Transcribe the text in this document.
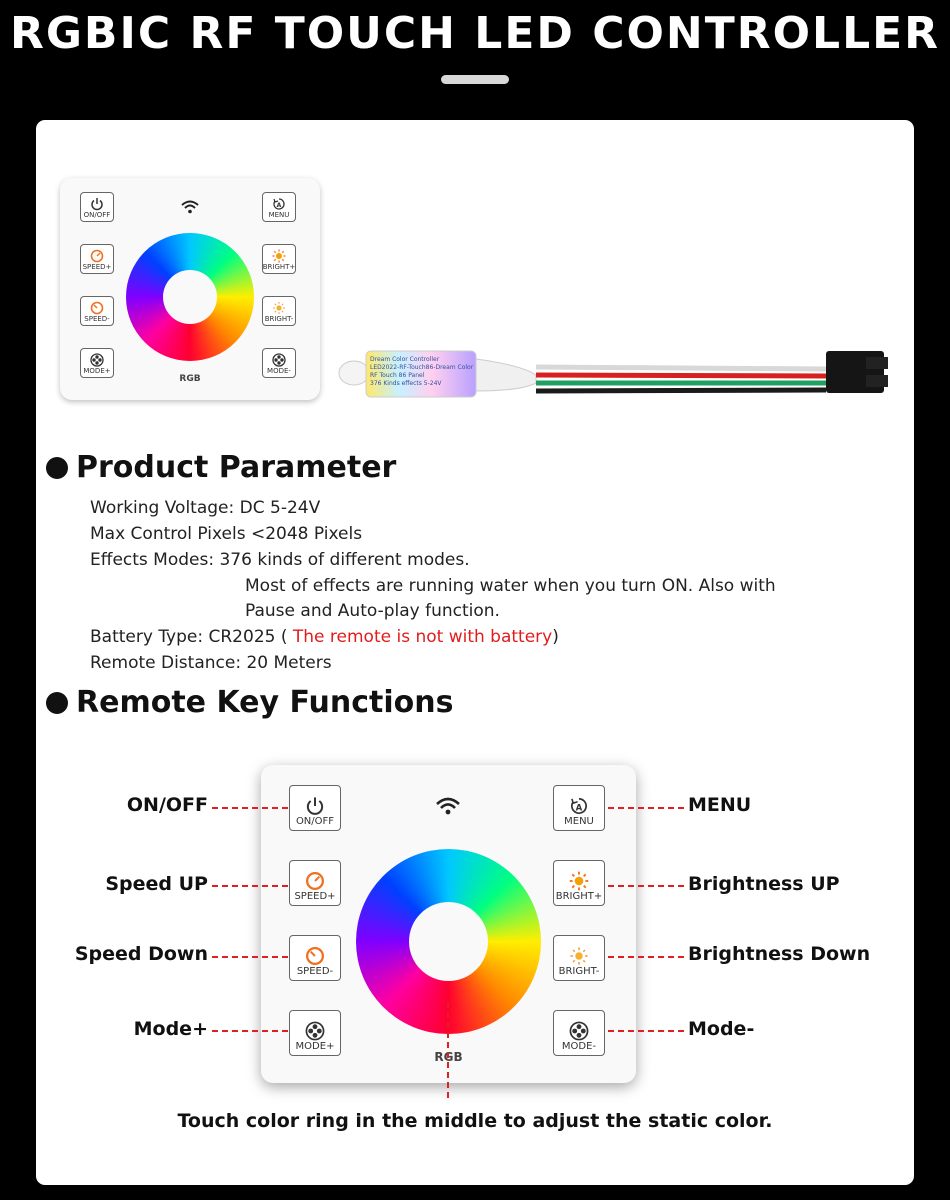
RGBIC RF TOUCH LED CONTROLLER
ON/OFF
A
MENU
SPEED+	BRIGHT+
SPEED-	BRIGHT-
MODE+	MODE-
RGB
Dream Color Controller
LED2022-RF-Touch86-Dream Color
RF Touch 86 Panel
376 Kinds effects 5-24V
Product Parameter
Working Voltage: DC 5-24V
Max Control Pixels <2048 Pixels
Effects Modes: 376 kinds of different modes.
Most of effects are running water when you turn ON. Also with
Pause and Auto-play function.
Battery Type: CR2025 ( The remote is not with battery)
Remote Distance: 20 Meters
Remote Key Functions
ON/OFF
A
MENU
SPEED+	BRIGHT+
SPEED-	BRIGHT-
MODE+	MODE-
RGB
ON/OFF
Speed UP
Speed Down
Mode+
MENU
Brightness UP
Brightness Down
Mode-
Touch color ring in the middle to adjust the static color.
